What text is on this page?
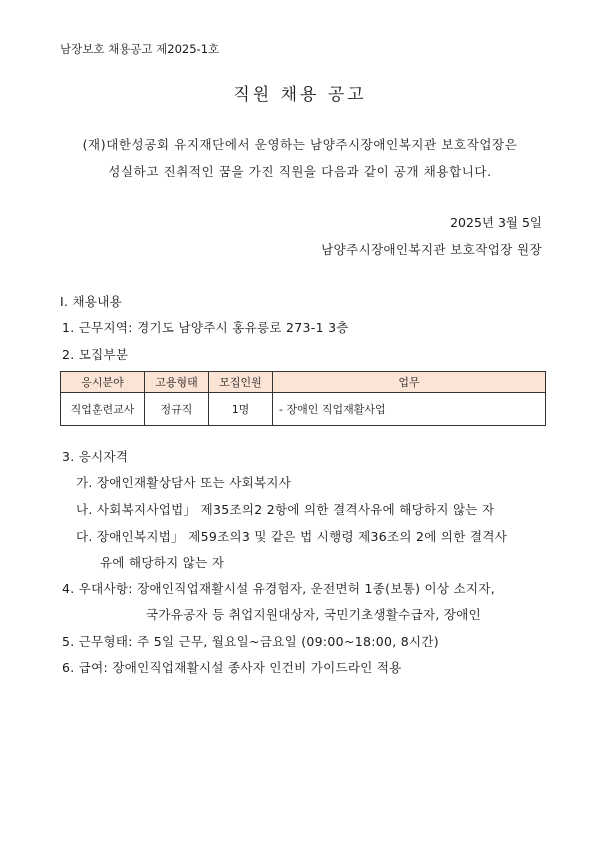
남장보호 채용공고 제2025-1호
직원 채용 공고
(재)대한성공회 유지재단에서 운영하는 남양주시장애인복지관 보호작업장은
성실하고 진취적인 꿈을 가진 직원을 다음과 같이 공개 채용합니다.
2025년 3월 5일
남양주시장애인복지관 보호작업장 원장
Ⅰ. 채용내용
1. 근무지역: 경기도 남양주시 홍유릉로 273-1 3층
2. 모집부분
응시분야	고용형태	모집인원	업무
직업훈련교사	정규직	1명	- 장애인 직업재활사업
3. 응시자격
가. 장애인재활상담사 또는 사회복지사
나. 사회복지사업법」 제35조의2 2항에 의한 결격사유에 해당하지 않는 자
다. 장애인복지법」 제59조의3 및 같은 법 시행령 제36조의 2에 의한 결격사
유에 해당하지 않는 자
4. 우대사항: 장애인직업재활시설 유경험자, 운전면허 1종(보통) 이상 소지자,
국가유공자 등 취업지원대상자, 국민기초생활수급자, 장애인
5. 근무형태: 주 5일 근무, 월요일~금요일 (09:00~18:00, 8시간)
6. 급여: 장애인직업재활시설 종사자 인건비 가이드라인 적용
